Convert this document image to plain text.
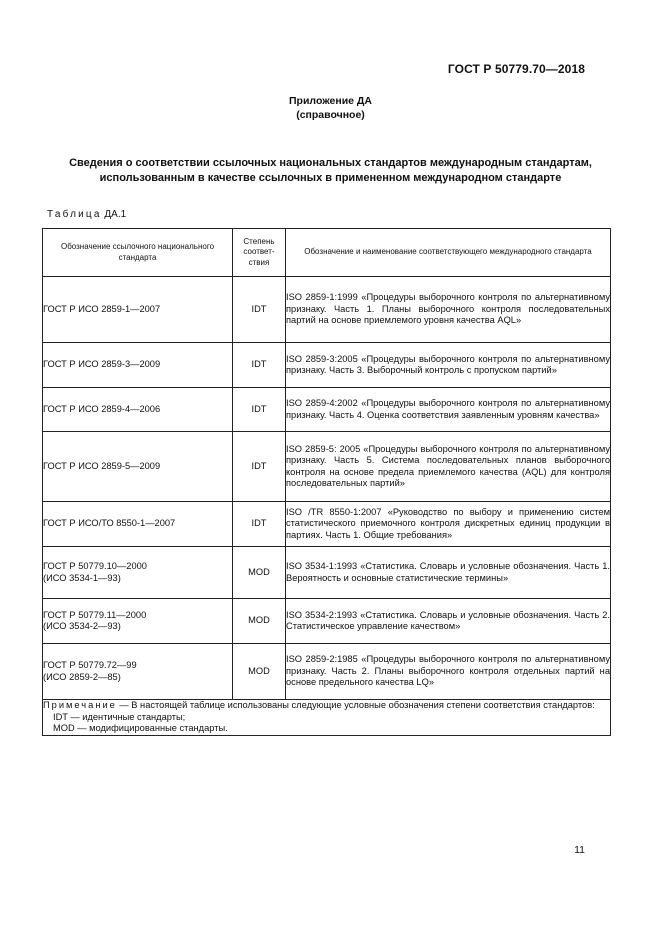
ГОСТ Р 50779.70—2018
Приложение ДА
(справочное)
Сведения о соответствии ссылочных национальных стандартов международным стандартам,
использованным в качестве ссылочных в примененном международном стандарте
Таблица ДА.1
Обозначение ссылочного национального стандарта	Степень соответ-ствия	Обозначение и наименование соответствующего международного стандарта

ГОСТ Р ИСО 2859-1—2007	IDT	ISO 2859-1:1999 «Процедуры выборочного контроля по альтернативному признаку. Часть 1. Планы выборочного контроля последовательных партий на основе приемлемого уровня качества AQL»

ГОСТ Р ИСО 2859-3—2009	IDT	ISO 2859-3:2005 «Процедуры выборочного контроля по альтернативному признаку. Часть 3. Выборочный контроль с пропуском партий»

ГОСТ Р ИСО 2859-4—2006	IDT	ISO 2859-4:2002 «Процедуры выборочного контроля по альтернативному признаку. Часть 4. Оценка соответствия заявленным уровням качества»

ГОСТ Р ИСО 2859-5—2009	IDT	ISO 2859-5: 2005 «Процедуры выборочного контроля по альтернативному признаку. Часть 5. Система последовательных планов выборочного контроля на основе предела приемлемого качества (AQL) для контроля последовательных партий»

ГОСТ Р ИСО/ТО 8550-1—2007	IDT	ISO /TR 8550-1:2007 «Руководство по выбору и применению систем статистического приемочного контроля дискретных единиц продукции в партиях. Часть 1. Общие требования»

ГОСТ Р 50779.10—2000
(ИСО 3534-1—93)	MOD	ISO 3534-1:1993 «Статистика. Словарь и условные обозначения. Часть 1. Вероятность и основные статистические термины»

ГОСТ Р 50779.11—2000
(ИСО 3534-2—93)	MOD	ISO 3534-2:1993 «Статистика. Словарь и условные обозначения. Часть 2. Статистическое управление качеством»

ГОСТ Р 50779.72—99
(ИСО 2859-2—85)	MOD	ISO 2859-2:1985 «Процедуры выборочного контроля по альтернативному признаку. Часть 2. Планы выборочного контроля отдельных партий на основе предельного качества LQ»
Примечание — В настоящей таблице использованы следующие условные обозначения степени соответствия стандартов:
IDT — идентичные стандарты;
MOD — модифицированные стандарты.		
11
